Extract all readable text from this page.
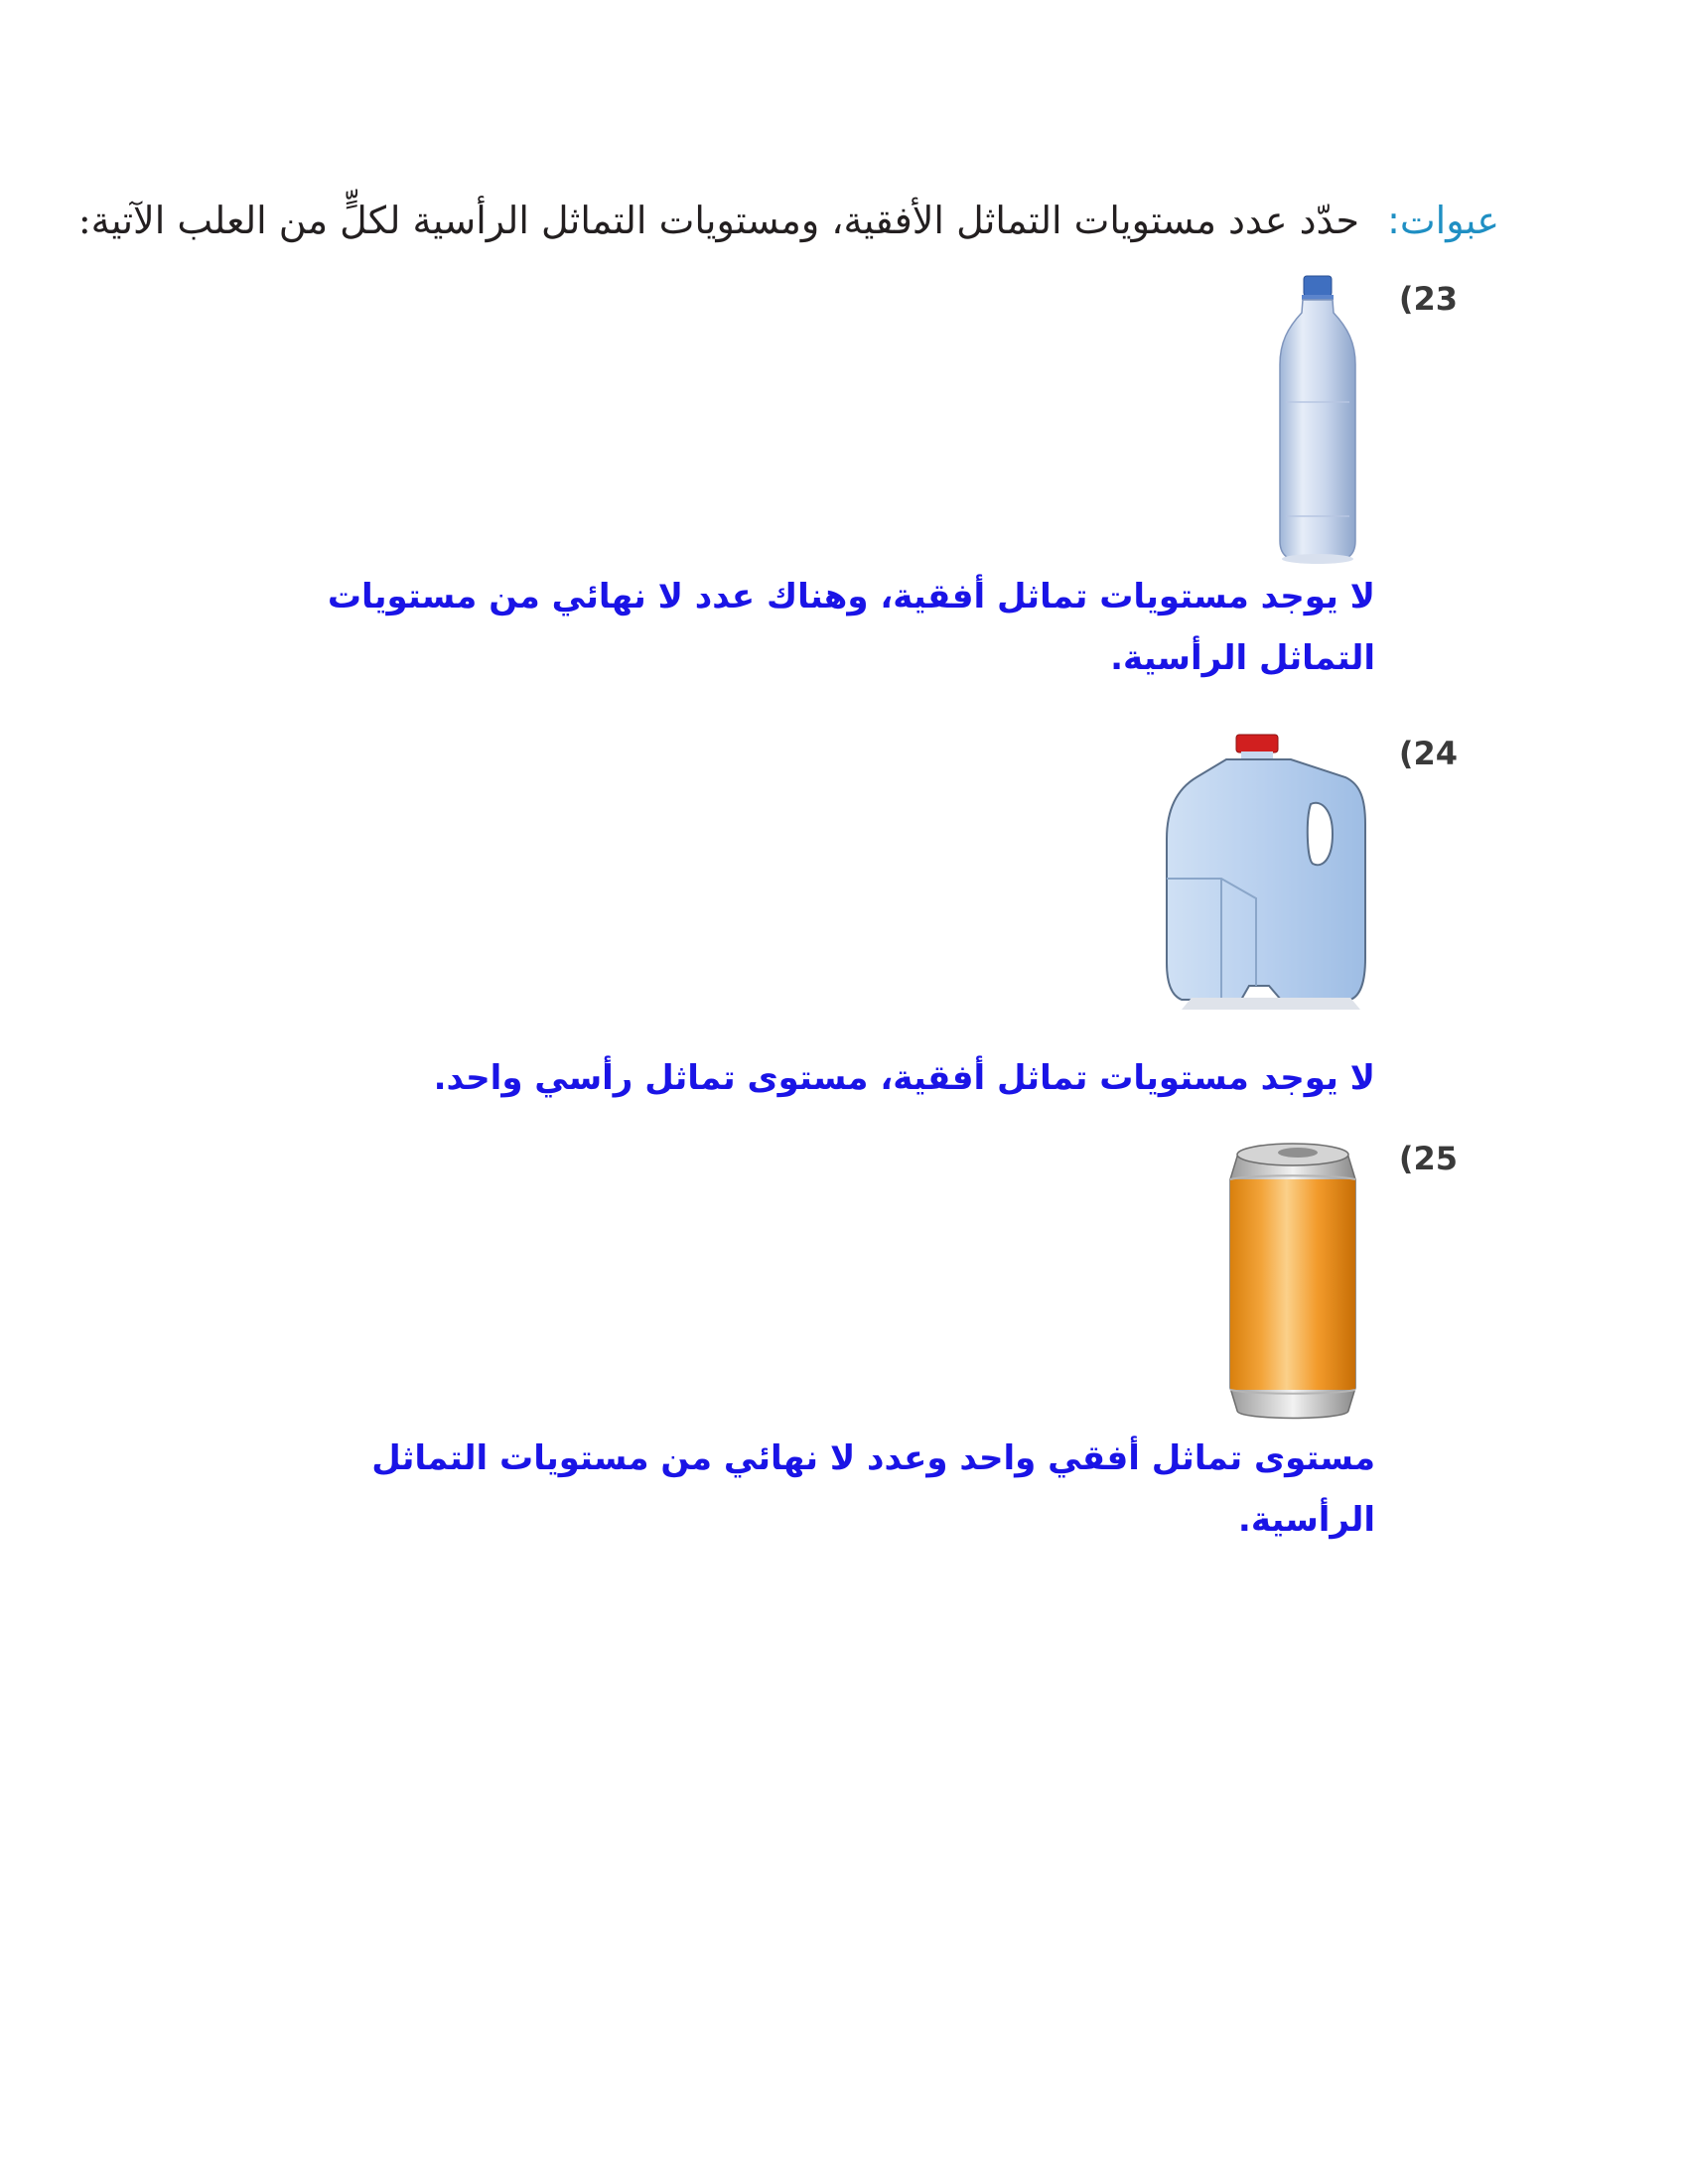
عبوات: حدّد عدد مستويات التماثل الأفقية، ومستويات التماثل الرأسية لكلٍّ من العلب الآتية:
(23
لا يوجد مستويات تماثل أفقية، وهناك عدد لا نهائي من مستويات التماثل الرأسية.
(24
لا يوجد مستويات تماثل أفقية، مستوى تماثل رأسي واحد.
(25
مستوى تماثل أفقي واحد وعدد لا نهائي من مستويات التماثل الرأسية.
